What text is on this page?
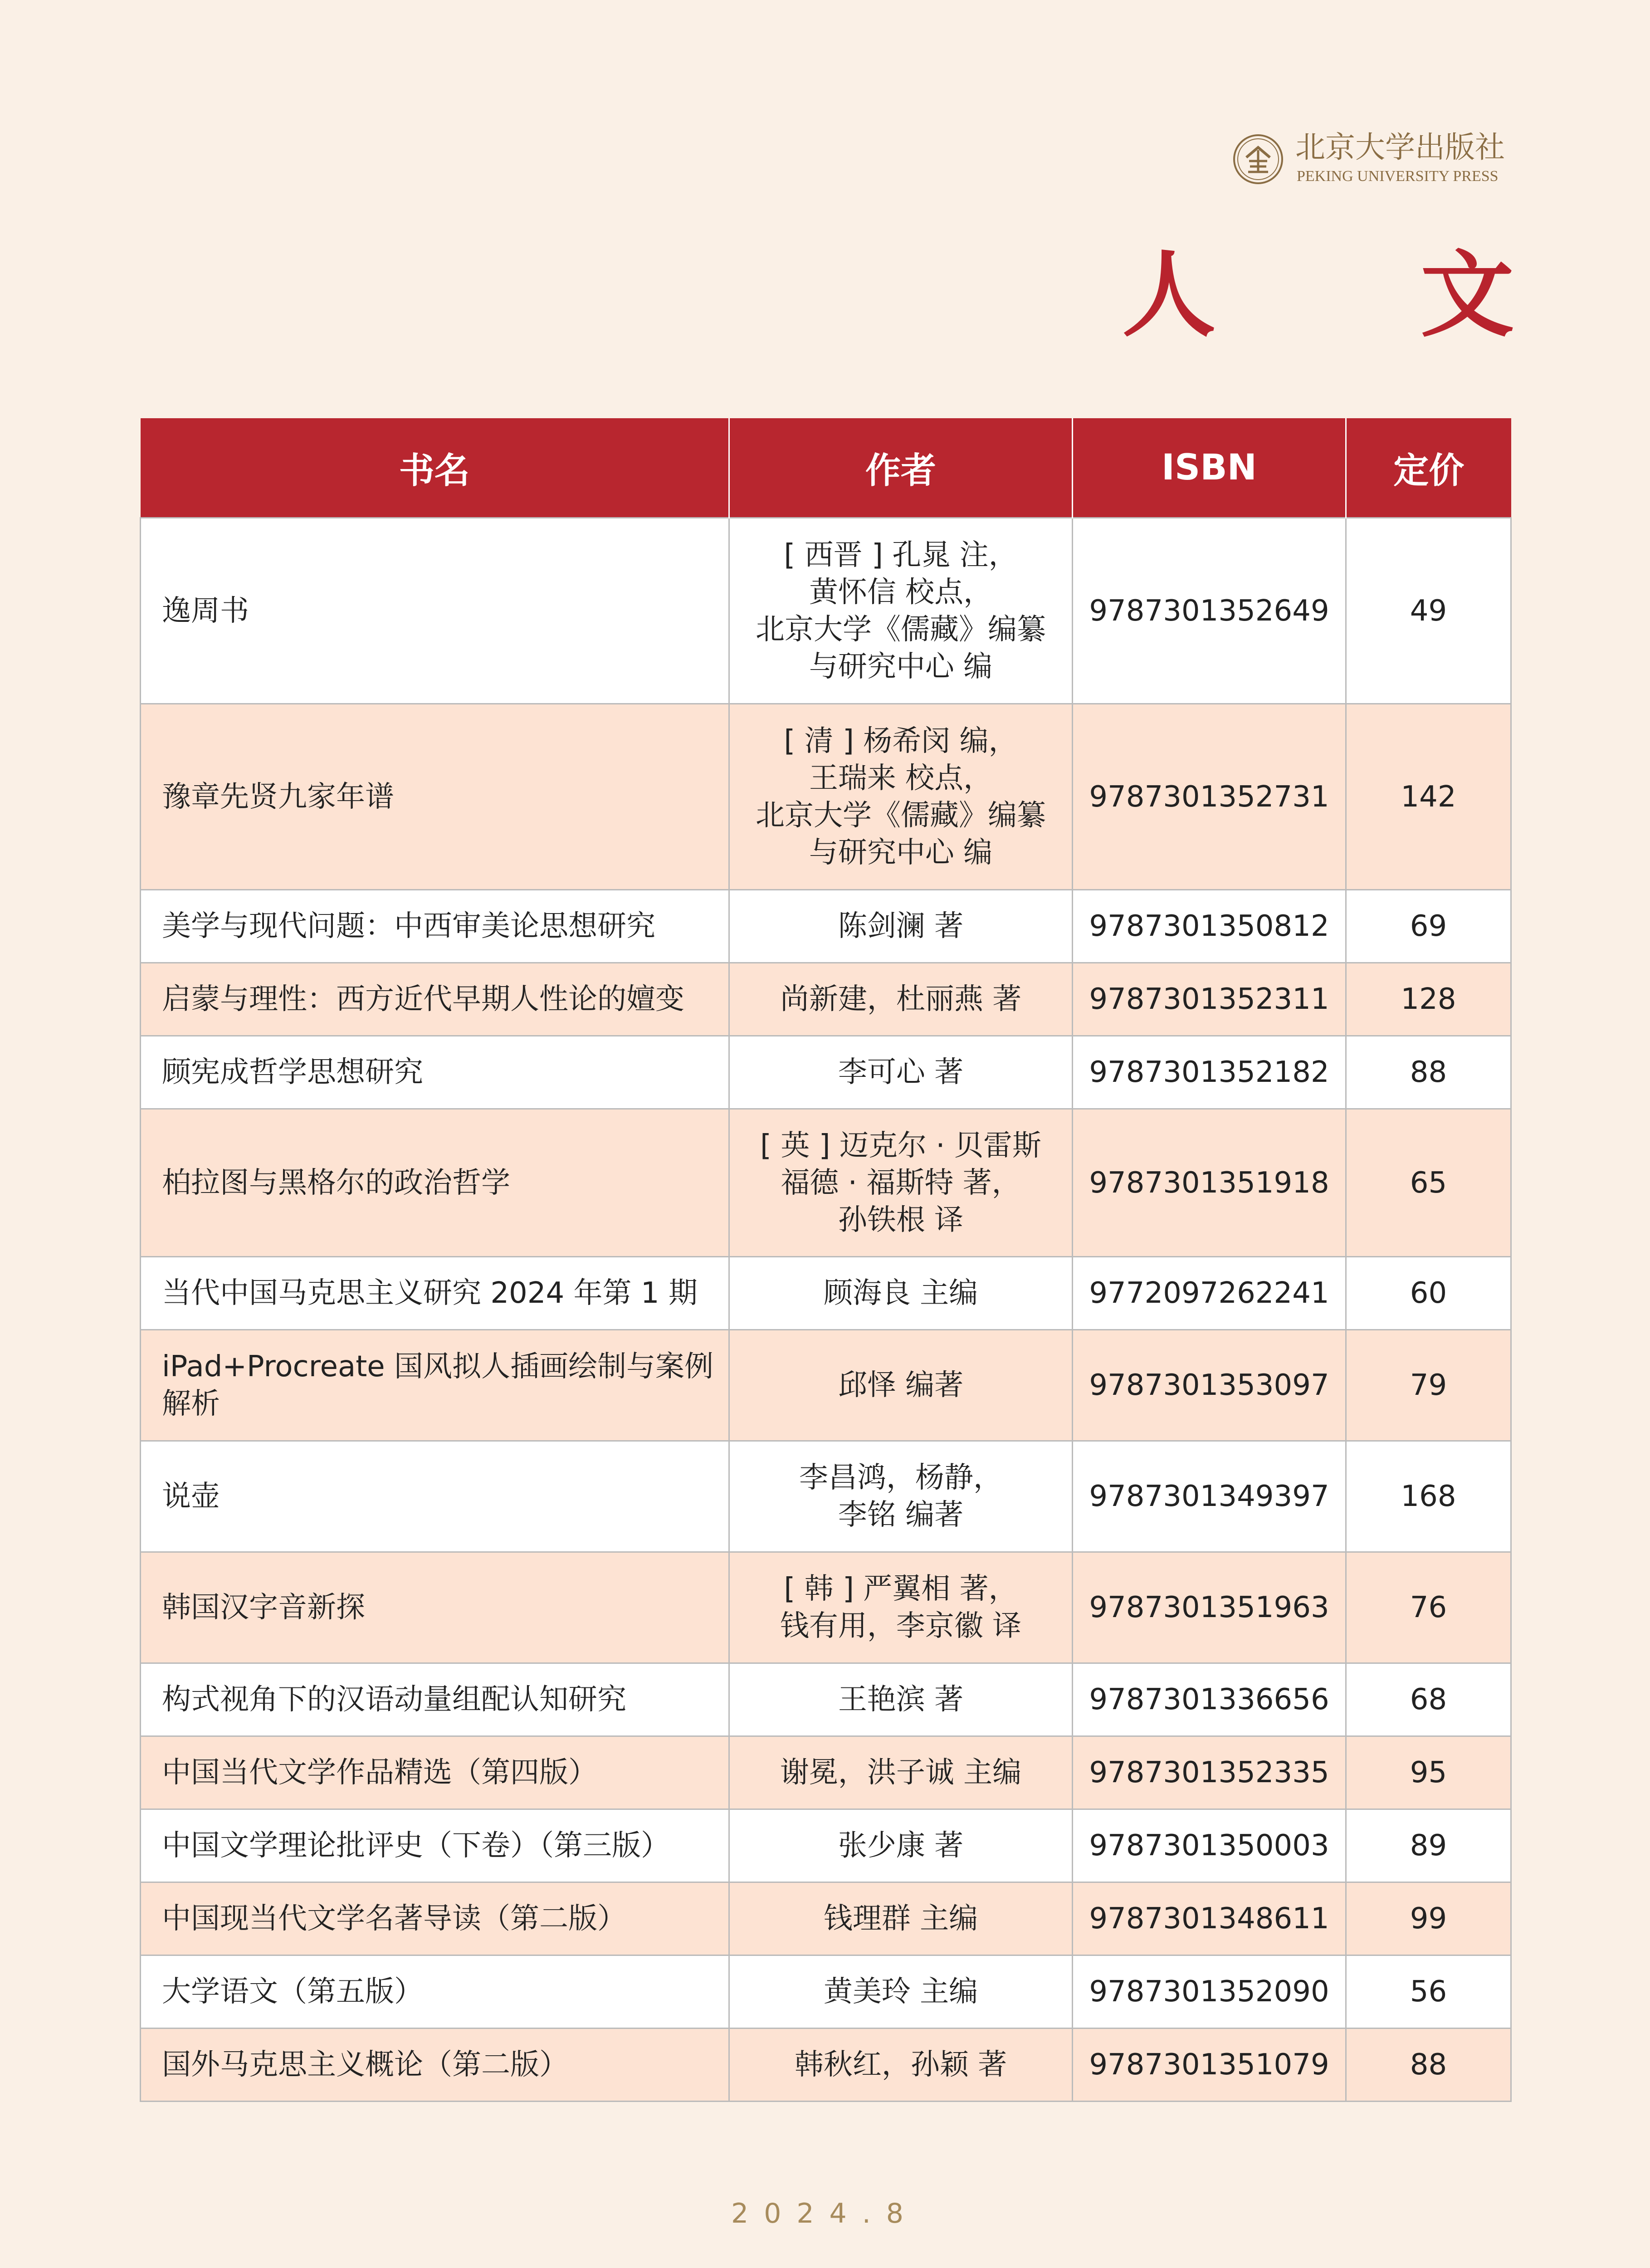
北京大学出版社
PEKING UNIVERSITY PRESS
人 文
书名	作者	ISBN	定价
逸周书	[ 西晋 ] 孔晁 注，
黄怀信 校点，
北京大学《儒藏》编纂
与研究中心 编	9787301352649	49
豫章先贤九家年谱	[ 清 ] 杨希闵 编，
王瑞来 校点，
北京大学《儒藏》编纂
与研究中心 编	9787301352731	142
美学与现代问题：中西审美论思想研究	陈剑澜 著	9787301350812	69
启蒙与理性：西方近代早期人性论的嬗变	尚新建，杜丽燕 著	9787301352311	128
顾宪成哲学思想研究	李可心 著	9787301352182	88
柏拉图与黑格尔的政治哲学	[ 英 ] 迈克尔 · 贝雷斯
福德 · 福斯特 著，
孙铁根 译	9787301351918	65
当代中国马克思主义研究 2024 年第 1 期	顾海良 主编	9772097262241	60
iPad+Procreate 国风拟人插画绘制与案例解析	邱怿 编著	9787301353097	79
说壶	李昌鸿，杨静，
李铭 编著	9787301349397	168
韩国汉字音新探	[ 韩 ] 严翼相 著，
钱有用，李京徽 译	9787301351963	76
构式视角下的汉语动量组配认知研究	王艳滨 著	9787301336656	68
中国当代文学作品精选（第四版）	谢冕，洪子诚 主编	9787301352335	95
中国文学理论批评史（下卷）（第三版）	张少康 著	9787301350003	89
中国现当代文学名著导读（第二版）	钱理群 主编	9787301348611	99
大学语文（第五版）	黄美玲 主编	9787301352090	56
国外马克思主义概论（第二版）	韩秋红，孙颖 著	9787301351079	88
2024.8
